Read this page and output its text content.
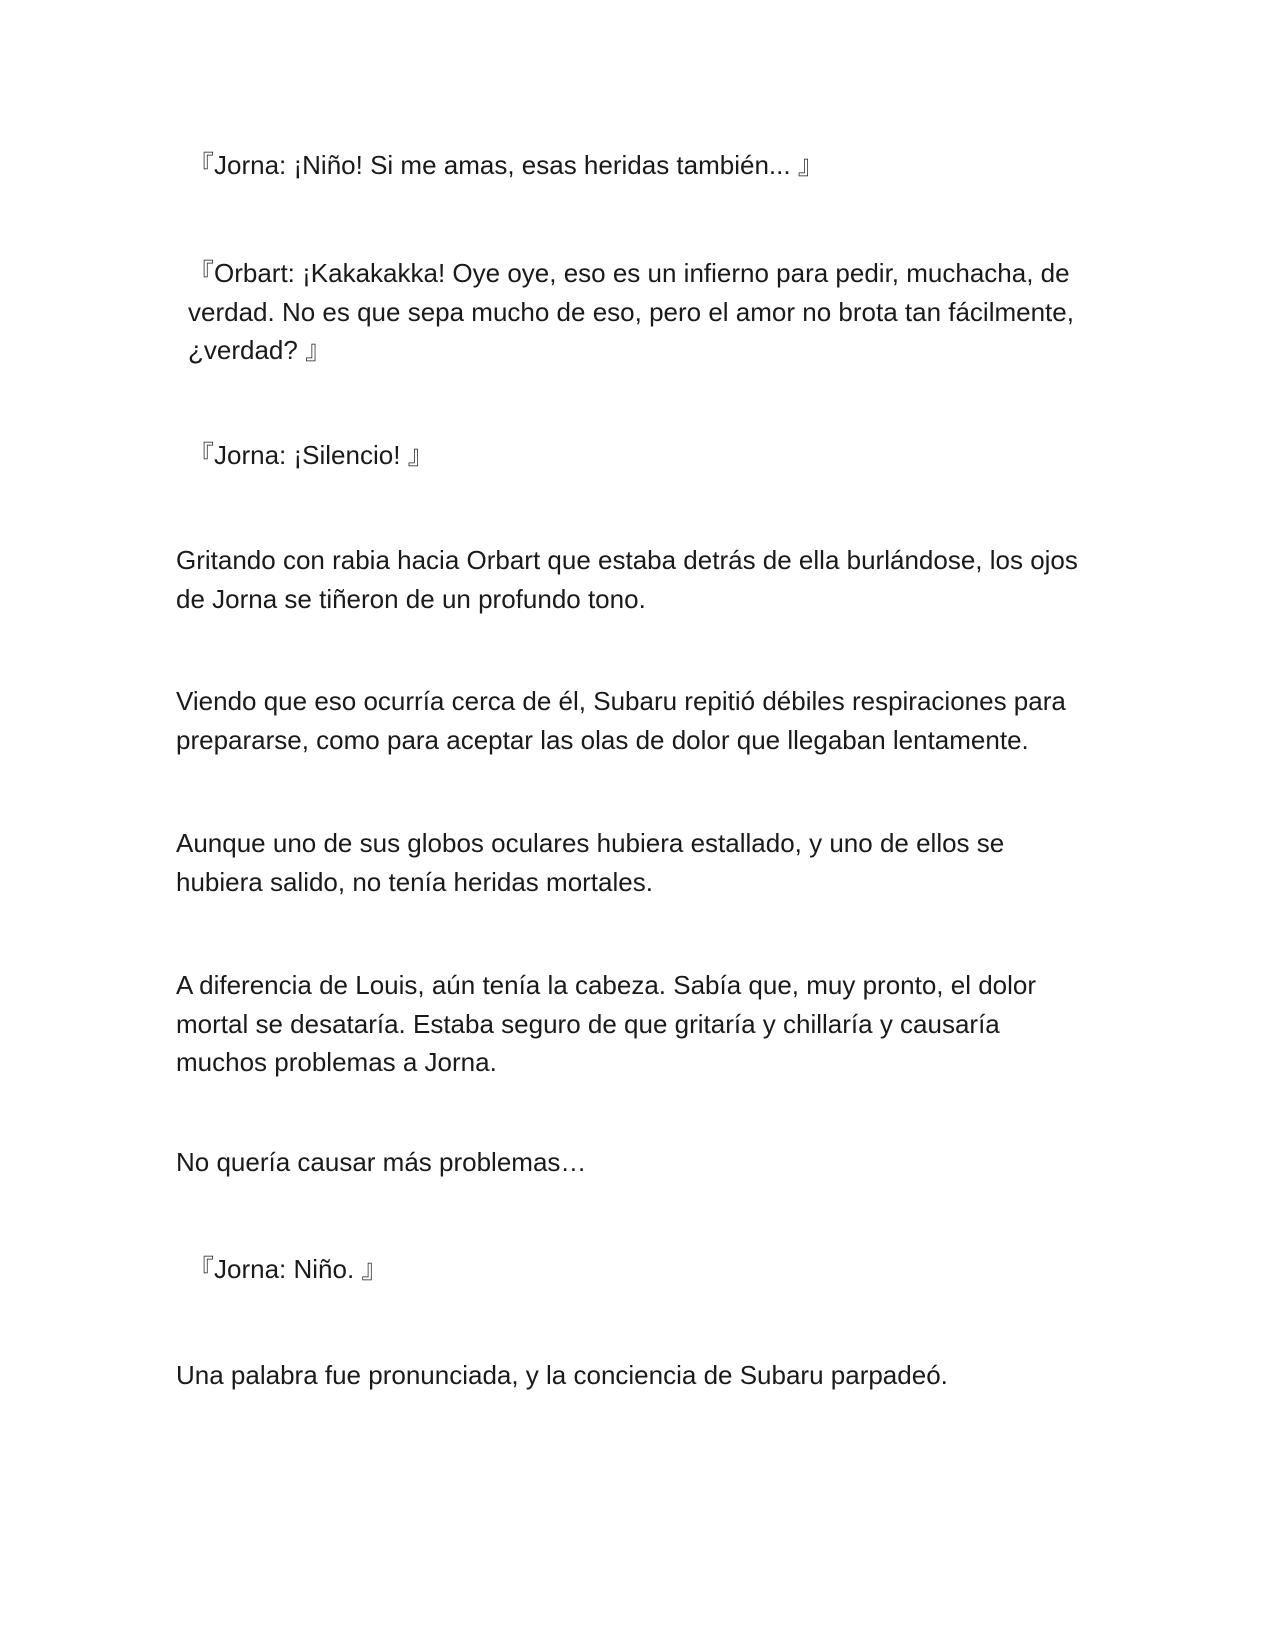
『Jorna: ¡Niño! Si me amas, esas heridas también... 』

『Orbart: ¡Kakakakka! Oye oye, eso es un infierno para pedir, muchacha, de verdad. No es que sepa mucho de eso, pero el amor no brota tan fácilmente, ¿verdad? 』

『Jorna: ¡Silencio! 』

Gritando con rabia hacia Orbart que estaba detrás de ella burlándose, los ojos de Jorna se tiñeron de un profundo tono.

Viendo que eso ocurría cerca de él, Subaru repitió débiles respiraciones para prepararse, como para aceptar las olas de dolor que llegaban lentamente.

Aunque uno de sus globos oculares hubiera estallado, y uno de ellos se hubiera salido, no tenía heridas mortales.

A diferencia de Louis, aún tenía la cabeza. Sabía que, muy pronto, el dolor mortal se desataría. Estaba seguro de que gritaría y chillaría y causaría muchos problemas a Jorna.

No quería causar más problemas…

『Jorna: Niño. 』

Una palabra fue pronunciada, y la conciencia de Subaru parpadeó.
